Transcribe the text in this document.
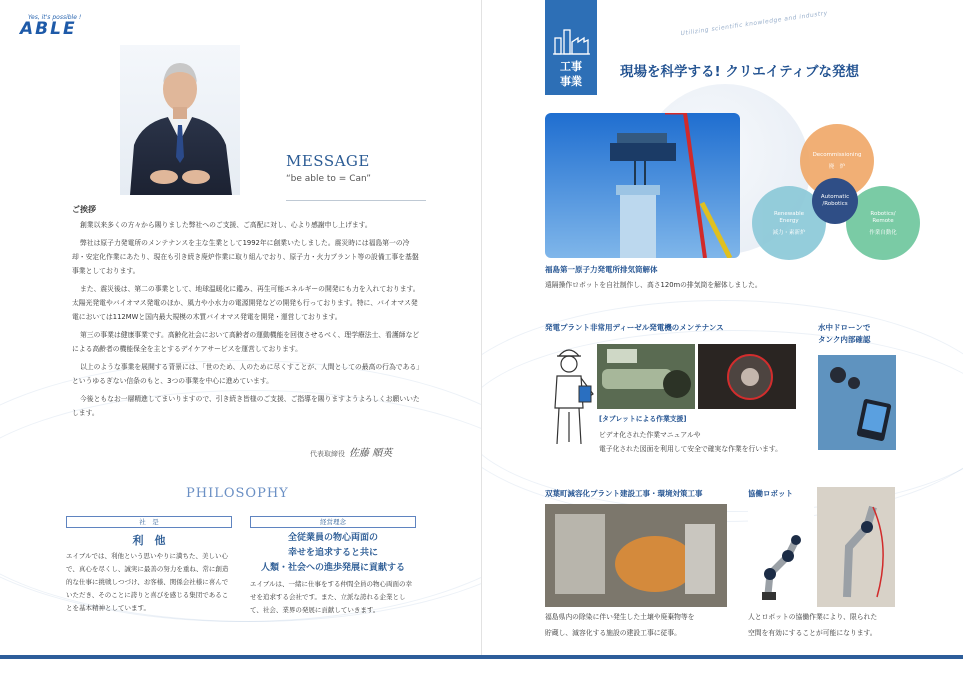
Yes, it's possible !
ABLE
MESSAGE
“be able to = Can”
ご挨拶

創業以来多くの方々から賜りました弊社へのご支援、ご高配に対し、心より感謝申し上げます。

弊社は原子力発電所のメンテナンスを主な生業として1992年に創業いたしました。震災時には福島第一の冷却・安定化作業にあたり、現在も引き続き廃炉作業に取り組んでおり、原子力・火力プラント等の設備工事を基盤事業としております。

また、震災後は、第二の事業として、地球温暖化に鑑み、再生可能エネルギーの開発にも力を入れております。太陽光発電やバイオマス発電のほか、風力や小水力の電源開発などの開発も行っております。特に、バイオマス発電においては112MWと国内最大規模の木質バイオマス発電を開発・運営しております。

第三の事業は健康事業です。高齢化社会において高齢者の運動機能を回復させるべく、理学療法士、看護師などによる高齢者の機能保全を主とするデイケアサービスを運営しております。

以上のような事業を展開する背景には、「世のため、人のために尽くすことが、人間としての最高の行為である」というゆるぎない信条のもと、3つの事業を中心に進めています。

今後ともなお一層精進してまいりますので、引き続き皆様のご支援、ご指導を賜りますようよろしくお願いいたします。

代表取締役 佐藤 順英
PHILOSOPHY
社　是
利　他
エイブルでは、利他という思いやりに満ちた、美しい心で、真心を尽くし、誠実に最善の努力を重ね、常に創造的な仕事に挑戦しつづけ、お客様、関係会社様に喜んでいただき、そのことに誇りと喜びを感じる集団であることを基本精神としています。
経営理念
全従業員の物心両面の
幸せを追求すると共に
人類・社会への進歩発展に貢献する
エイブルは、一緒に仕事をする仲間全員の物心両面の幸せを追求する会社です。また、立派な誇れる企業として、社会、業界の発展に貢献していきます。
工事
事業
Utilizing scientific knowledge and industry
現場を科学する! クリエイティブな発想
Decommissioning
廃　炉
Renewable
Energy
減力・素新炉
Robotics/
Remote
作業自動化
Automatic
/Robotics
福島第一原子力発電所排気筒解体
遠隔操作ロボットを自社制作し、高さ120mの排気筒を解体しました。
発電プラント非常用ディーゼル発電機のメンテナンス
[タブレットによる作業支援]
ビデオ化された作業マニュアルや
電子化された図面を利用して安全で確実な作業を行います。
水中ドローンで
タンク内部確認
双葉町減容化プラント建設工事・環境対策工事
福島県内の除染に伴い発生した土壌や廃棄物等を
貯蔵し、減容化する施設の建設工事に従事。
協働ロボット
人とロボットの協働作業により、限られた
空間を有効にすることが可能になります。
